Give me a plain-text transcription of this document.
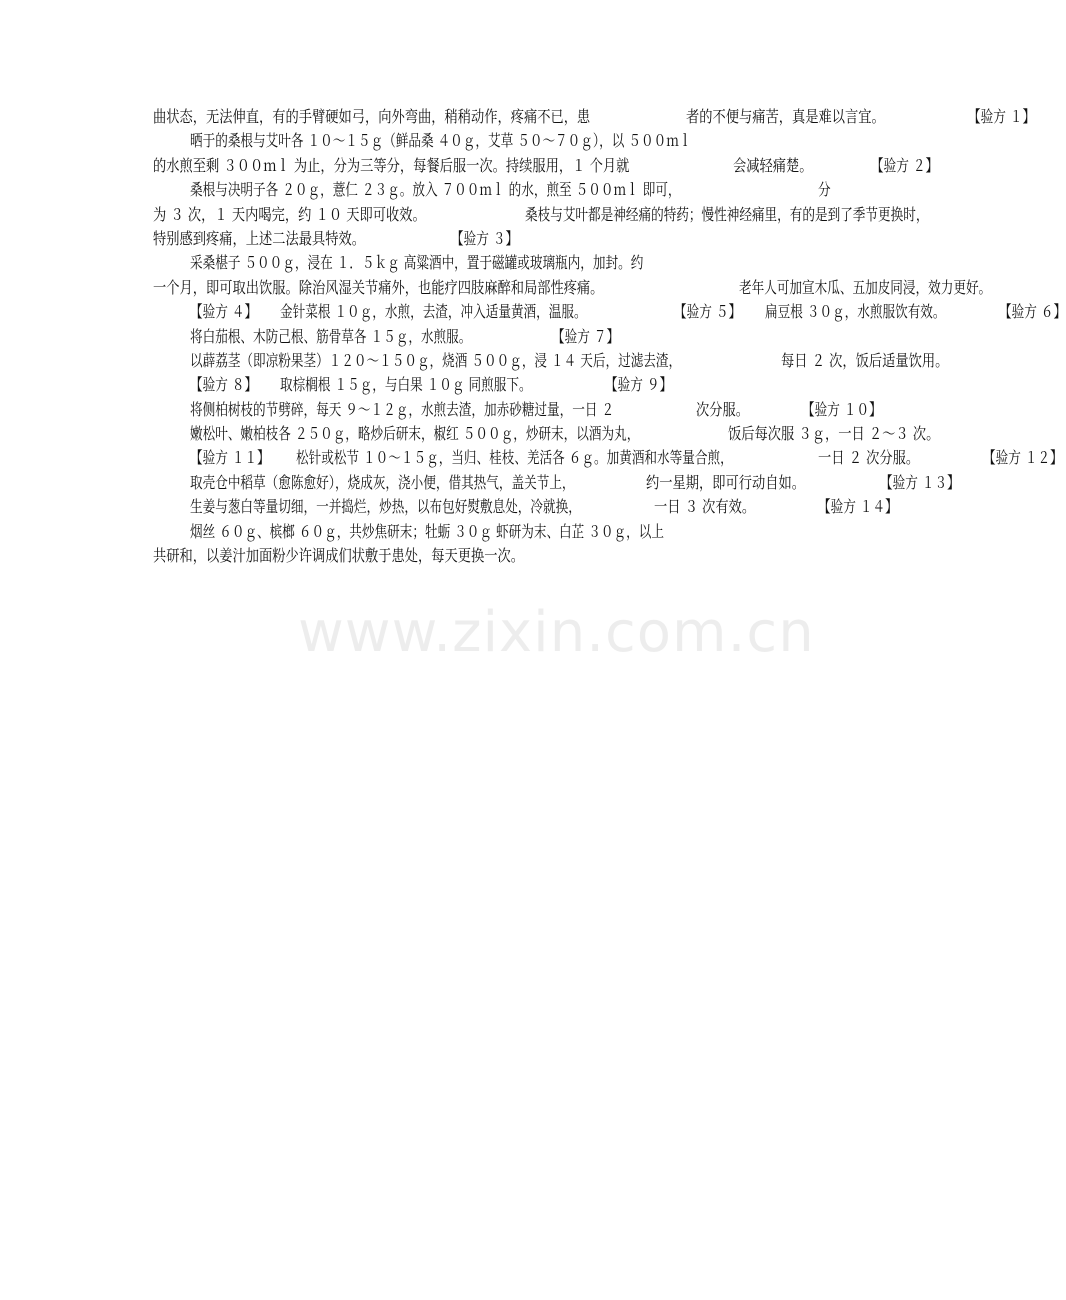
www.zixin.com.cn
曲状态，无法伸直，有的手臂硬如弓，向外弯曲，稍稍动作，疼痛不已，患	者的不便与痛苦，真是难以言宜。	【验方 １】 晒于的桑根与艾叶各 １０～１５ｇ（鲜品桑 ４０ｇ，艾草 ５０～７０ｇ），以 ５００ｍｌ 的水煎至剩 ３００ｍｌ 为止，分为三等分，每餐后服一次。持续服用，１ 个月就	会减轻痛楚。	【验方 ２】 桑根与决明子各 ２０ｇ，薏仁 ２３ｇ。放入 ７００ｍｌ 的水，煎至 ５００ｍｌ 即可，	分 为 ３ 次，１ 天内喝完，约 １０ 天即可收效。	桑枝与艾叶都是神经痛的特药；慢性神经痛里，有的是到了季节更换时， 特别感到疼痛，上述二法最具特效。	【验方 ３】 采桑椹子 ５００ｇ，浸在 １．５ｋｇ 高粱酒中，置于磁罐或玻璃瓶内，加封。约 一个月，即可取出饮服。除治风湿关节痛外，也能疗四肢麻醉和局部性疼痛。	老年人可加宣木瓜、五加皮同浸，效力更好。 【验方 ４】 金针菜根 １０ｇ，水煎，去渣，冲入适量黄酒，温服。	【验方 ５】 扁豆根 ３０ｇ，水煎服饮有效。	【验方 ６】 将白茄根、木防己根、筋骨草各 １５ｇ，水煎服。	【验方 ７】 以薜荔茎（即凉粉果茎）１２０～１５０ｇ，烧酒 ５００ｇ，浸 １４ 天后，过滤去渣，	每日 ２ 次，饭后适量饮用。 【验方 ８】 取棕榈根 １５ｇ，与白果 １０ｇ 同煎服下。	【验方 ９】 将侧柏树枝的节劈碎，每天 ９～１２ｇ，水煎去渣，加赤砂糖过量，一日 ２	次分服。	【验方 １０】 嫩松叶、嫩柏枝各 ２５０ｇ，略炒后研末，椒红 ５００ｇ，炒研末，以酒为丸，	饭后每次服 ３ｇ，一日 ２～３ 次。 【验方 １１】 松针或松节 １０～１５ｇ，当归、桂枝、羌活各 ６ｇ。加黄酒和水等量合煎，	一日 ２ 次分服。	【验方 １２】 取壳仓中稻草（愈陈愈好），烧成灰，浇小便，借其热气，盖关节上，	约一星期，即可行动自如。	【验方 １３】 生姜与葱白等量切细，一并捣烂，炒热，以布包好熨敷息处，冷就换，	一日 ３ 次有效。	【验方 １４】 烟丝 ６０ｇ、槟榔 ６０ｇ，共炒焦研末；牡蛎 ３０ｇ 虾研为末、白芷 ３０ｇ，以上 共研和，以姜汁加面粉少许调成们状敷于患处，每天更换一次。
